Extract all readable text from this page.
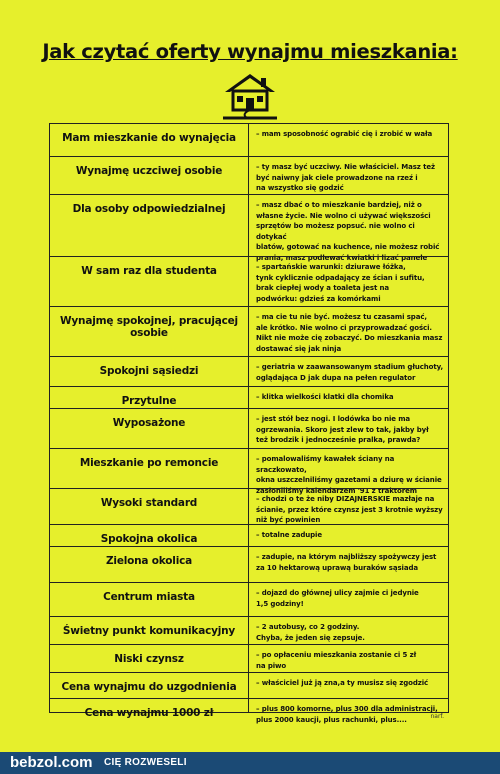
Jak czytać oferty wynajmu mieszkania:
Mam mieszkanie do wynajęcia	– mam sposobność ograbić cię i zrobić w wała
Wynajmę uczciwej osobie	– ty masz być uczciwy. Nie właściciel. Masz też
być naiwny jak ciele prowadzone na rzeź i
na wszystko się godzić
Dla osoby odpowiedzialnej	– masz dbać o to mieszkanie bardziej, niż o
własne życie. Nie wolno ci używać większości
sprzętów bo możesz popsuć. nie wolno ci dotykać
blatów, gotować na kuchence, nie możesz robić
prania, masz podlewać kwiatki i lizać panele
W sam raz dla studenta	– spartańskie warunki: dziurawe łóżka,
tynk cyklicznie odpadający ze ścian i sufitu,
brak ciepłej wody a toaleta jest na
podwórku: gdzieś za komórkami
Wynajmę spokojnej, pracującej osobie
– ma cie tu nie być. możesz tu czasami spać,
ale krótko. Nie wolno ci przyprowadzać gości.
Nikt nie może cię zobaczyć. Do mieszkania masz
dostawać się jak ninja
Spokojni sąsiedzi	– geriatria w zaawansowanym stadium głuchoty,
oglądająca D jak dupa na pełen regulator
Przytulne	– klitka wielkości klatki dla chomika
Wyposażone	– jest stół bez nogi. I lodówka bo nie ma
ogrzewania. Skoro jest zlew to tak, jakby był
też brodzik i jednocześnie pralka, prawda?
Mieszkanie po remoncie	– pomalowaliśmy kawałek ściany na sraczkowato,
okna uszczelniliśmy gazetami a dziurę w ścianie
zasłoniliśmy kalendarzem '91 z traktorem
Wysoki standard	– chodzi o te że niby DIZAJNERSKIE mazłaje na
ścianie, przez które czynsz jest 3 krotnie wyższy
niż być powinien
Spokojna okolica	– totalne zadupie
Zielona okolica	– zadupie, na którym najbliższy spożywczy jest
za 10 hektarową uprawą buraków sąsiada
Centrum miasta	– dojazd do głównej ulicy zajmie ci jedynie
1,5 godziny!
Świetny punkt komunikacyjny	– 2 autobusy, co 2 godziny.
Chyba, że jeden się zepsuje.
Niski czynsz	– po opłaceniu mieszkania zostanie ci 5 zł
na piwo
Cena wynajmu do uzgodnienia	– właściciel już ją zna,a ty musisz się zgodzić
Cena wynajmu 1000 zł	– plus 800 komorne, plus 300 dla administracji,
plus 2000 kaucji, plus rachunki, plus....	narf.
bebzol.com CIĘ ROZWESELI
